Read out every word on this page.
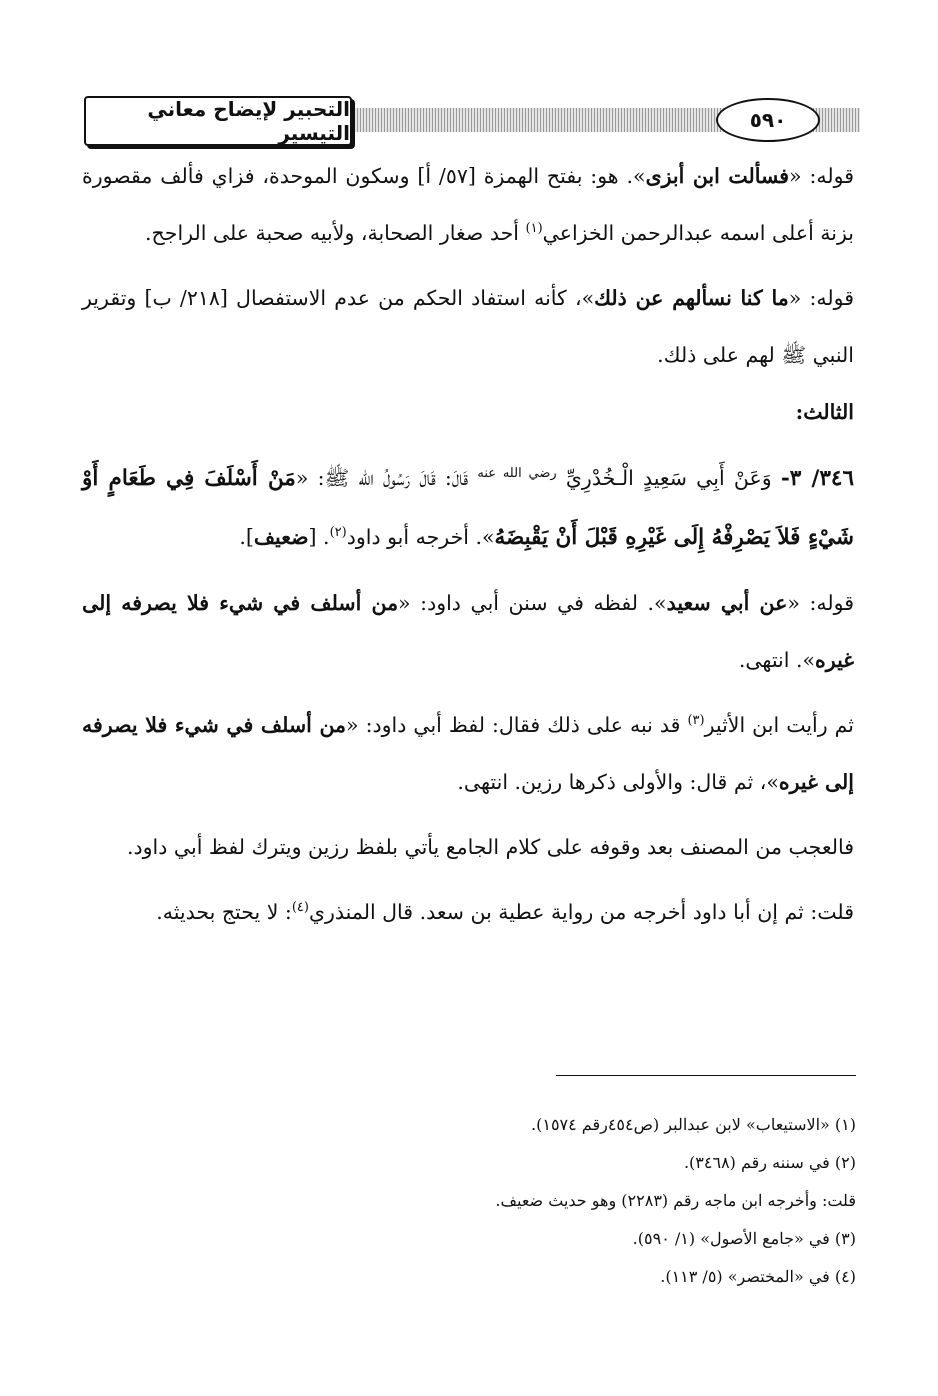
التحبير لإيضاح معاني التيسير
٥٩٠

قوله: «فسألت ابن أبزى». هو: بفتح الهمزة [٥٧/ أ] وسكون الموحدة، فزاي فألف مقصورة بزنة أعلى اسمه عبدالرحمن الخزاعي$^{(١)}$ أحد صغار الصحابة، ولأبيه صحبة على الراجح.

قوله: «ما كنا نسألهم عن ذلك»، كأنه استفاد الحكم من عدم الاستفصال [٢١٨/ ب] وتقرير النبي ﷺ لهم على ذلك.

الثالث:

٣٤٦/ ٣- وَعَنْ أَبِي سَعِيدٍ الْـخُدْرِيِّ $^{رضي الله عنه}$ قَالَ: قَالَ رَسُولُ الله ﷺ: «مَنْ أَسْلَفَ فِي طَعَامٍ أَوْ شَيْءٍ فَلاَ يَصْرِفْهُ إِلَى غَيْرِهِ قَبْلَ أَنْ يَقْبِضَهُ». أخرجه أبو داود$^{(٢)}$. [ضعيف].

قوله: «عن أبي سعيد». لفظه في سنن أبي داود: «من أسلف في شيء فلا يصرفه إلى غيره». انتهى.

ثم رأيت ابن الأثير$^{(٣)}$ قد نبه على ذلك فقال: لفظ أبي داود: «من أسلف في شيء فلا يصرفه إلى غيره»، ثم قال: والأولى ذكرها رزين. انتهى.

فالعجب من المصنف بعد وقوفه على كلام الجامع يأتي بلفظ رزين ويترك لفظ أبي داود.

قلت: ثم إن أبا داود أخرجه من رواية عطية بن سعد. قال المنذري$^{(٤)}$: لا يحتج بحديثه.

(١) «الاستيعاب» لابن عبدالبر (ص٤٥٤رقم ١٥٧٤).

(٢) في سننه رقم (٣٤٦٨).

قلت: وأخرجه ابن ماجه رقم (٢٢٨٣) وهو حديث ضعيف.

(٣) في «جامع الأصول» (١/ ٥٩٠).

(٤) في «المختصر» (٥/ ١١٣).
